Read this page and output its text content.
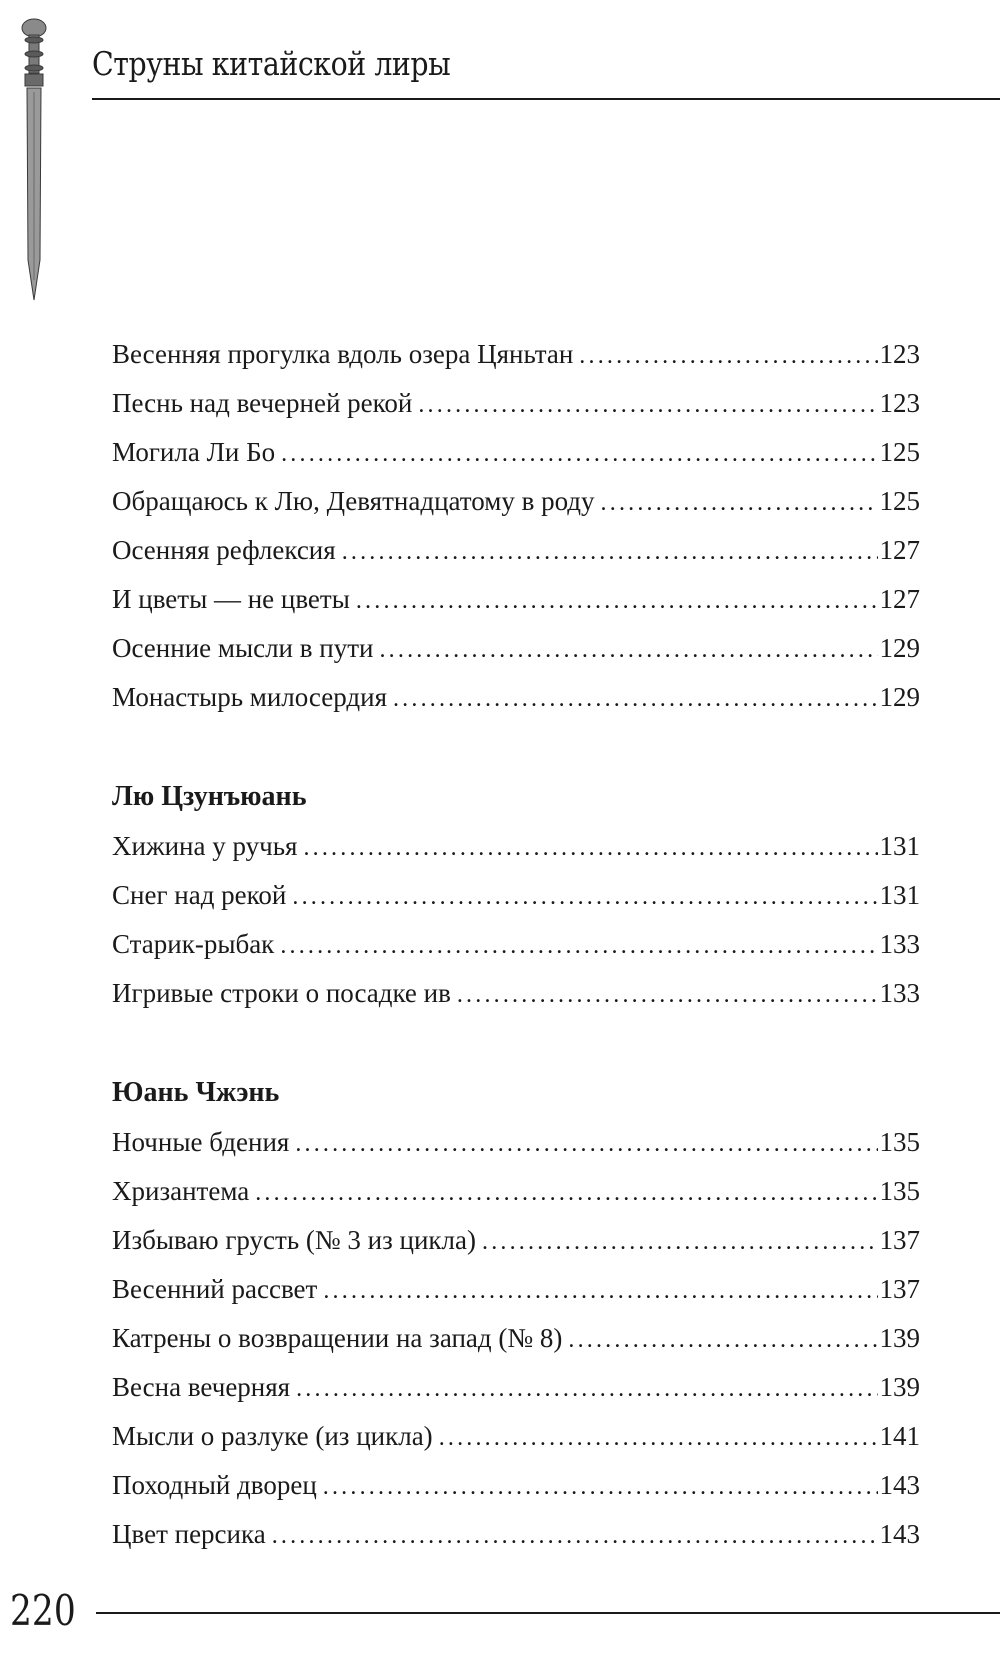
Струны китайской лиры
Весенняя прогулка вдоль озера Цяньтан .....	123
Песнь над вечерней рекой .....	123
Могила Ли Бо .....	125
Обращаюсь к Лю, Девятнадцатому в роду .....	125
Осенняя рефлексия .....	127
И цветы — не цветы .....	127
Осенние мысли в пути .....	129
Монастырь милосердия .....	129
Лю Цзунъюань
Хижина у ручья .....	131
Снег над рекой .....	131
Старик-рыбак .....	133
Игривые строки о посадке ив .....	133
Юань Чжэнь
Ночные бдения .....	135
Хризантема .....	135
Избываю грусть (№ 3 из цикла) .....	137
Весенний рассвет .....	137
Катрены о возвращении на запад (№ 8) .....	139
Весна вечерняя .....	139
Мысли о разлуке (из цикла) .....	141
Походный дворец .....	143
Цвет персика .....	143
220
